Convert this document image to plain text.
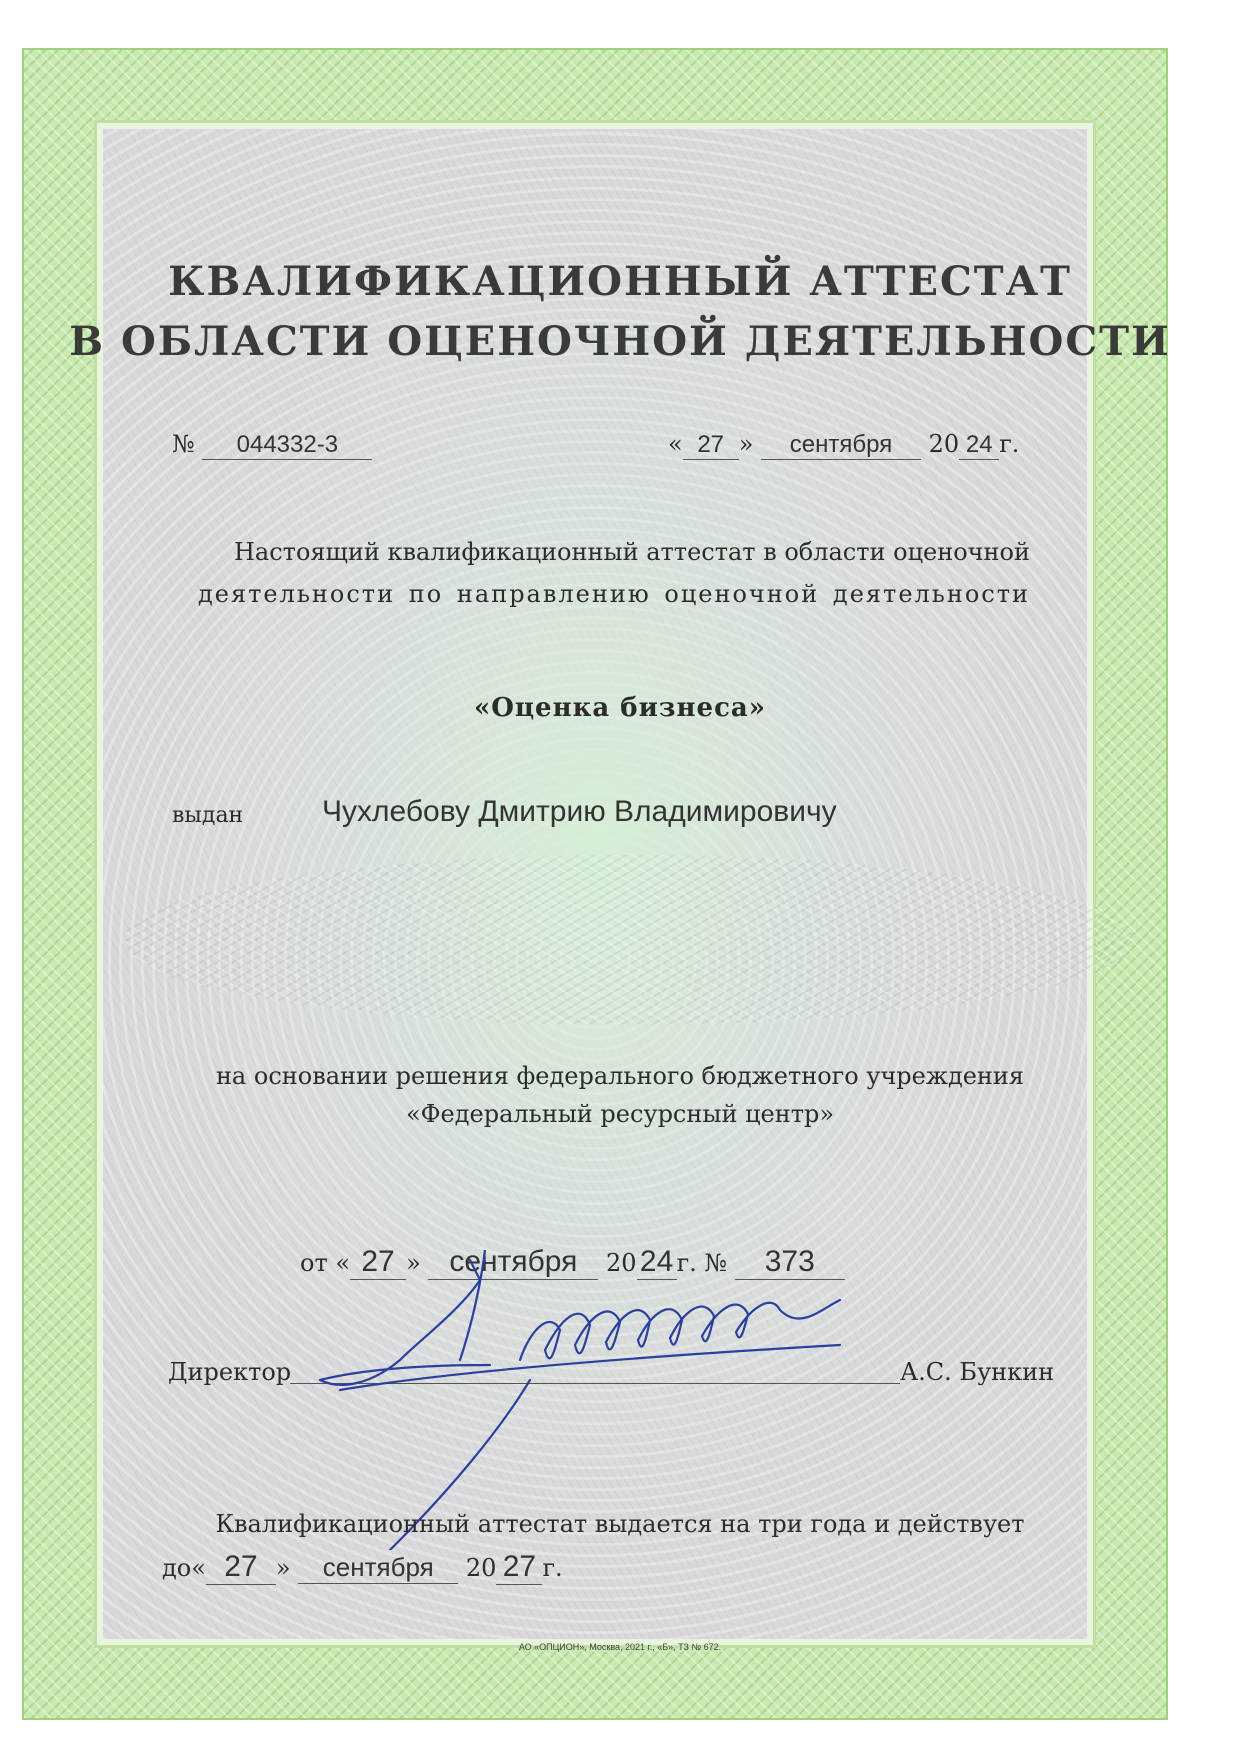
КВАЛИФИКАЦИОННЫЙ АТТЕСТАТ
В ОБЛАСТИ ОЦЕНОЧНОЙ ДЕЯТЕЛЬНОСТИ
№ 044332-3	« 27 » сентября 20 24 г.
Настоящий квалификационный аттестат в области оценочной
деятельности по направлению оценочной деятельности
«Оценка бизнеса»
выдан	Чухлебову Дмитрию Владимировичу
на основании решения федерального бюджетного учреждения
«Федеральный ресурсный центр»
от « 27 » сентября 20 24 г. № 373
Директор	А.С. Бункин
Квалификационный аттестат выдается на три года и действует
до« 27 » сентября 20 27 г.
АО «ОПЦИОН», Москва, 2021 г., «Б», ТЗ № 672.
